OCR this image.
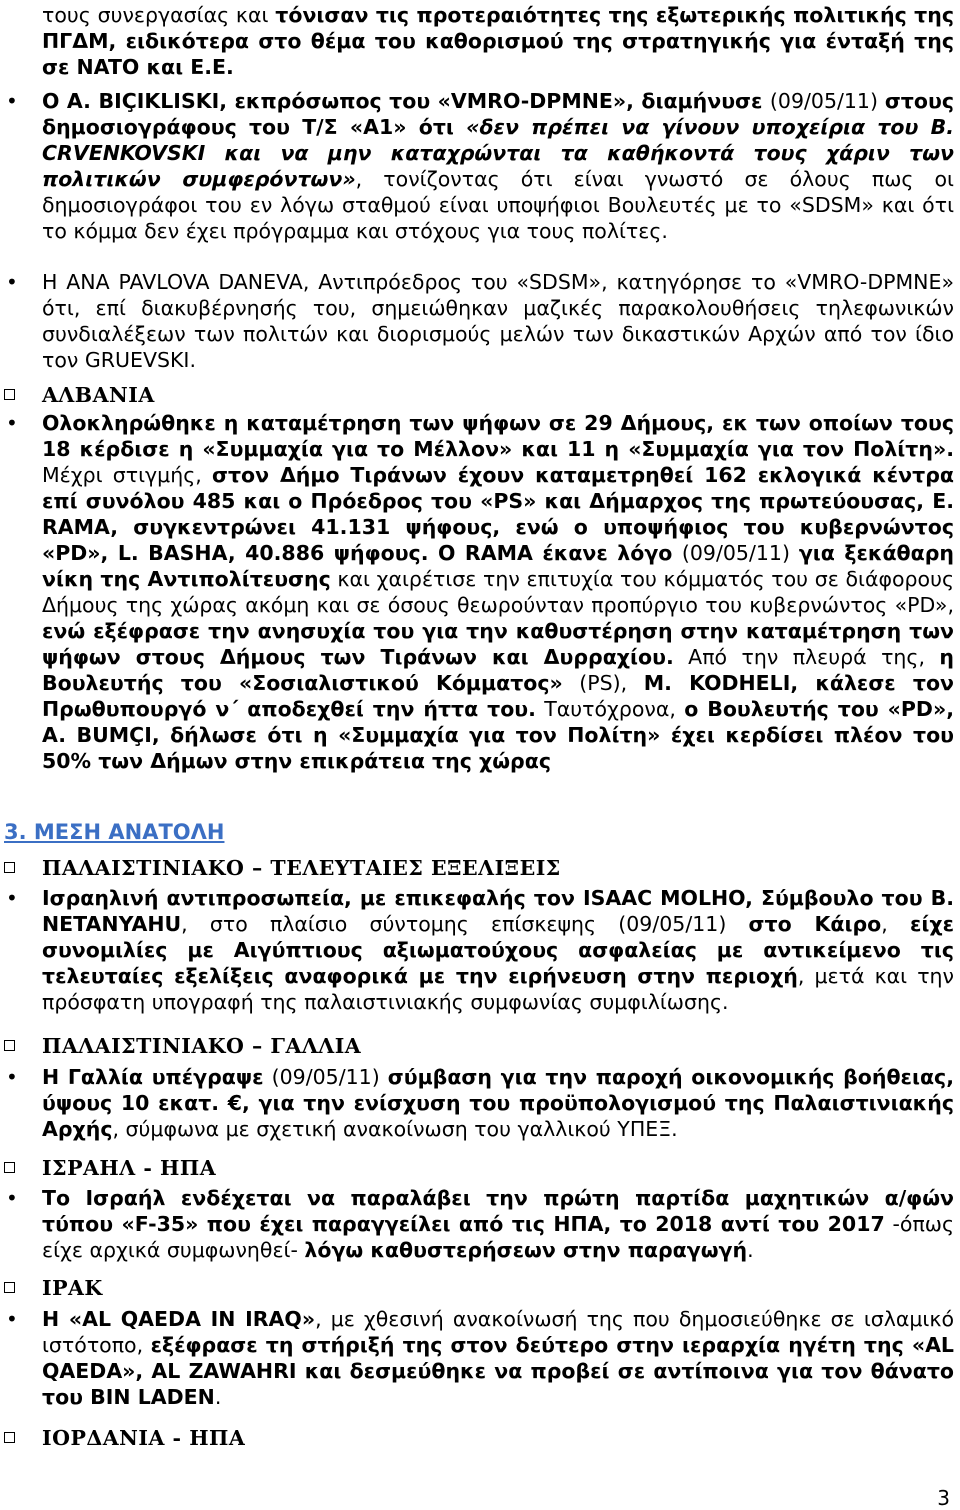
τους συνεργασίας και τόνισαν τις προτεραιότητες της εξωτερικής πολιτικής της ΠΓΔΜ, ειδικότερα στο θέμα του καθορισμού της στρατηγικής για ένταξή της σε NATO και Ε.Ε.
• Ο A. BIÇIKLISKI, εκπρόσωπος του «VMRO-DPMNE», διαμήνυσε (09/05/11) στους δημοσιογράφους του Τ/Σ «A1» ότι «δεν πρέπει να γίνουν υποχείρια του B. CRVENKOVSKI και να μην καταχρώνται τα καθήκοντά τους χάριν των πολιτικών συμφερόντων», τονίζοντας ότι είναι γνωστό σε όλους πως οι δημοσιογράφοι του εν λόγω σταθμού είναι υποψήφιοι Βουλευτές με το «SDSM» και ότι το κόμμα δεν έχει πρόγραμμα και στόχους για τους πολίτες.
• Η ANA PAVLOVA DANEVA, Αντιπρόεδρος του «SDSM», κατηγόρησε το «VMRO-DPMNE» ότι, επί διακυβέρνησής του, σημειώθηκαν μαζικές παρακολουθήσεις τηλεφωνικών συνδιαλέξεων των πολιτών και διορισμούς μελών των δικαστικών Αρχών από τον ίδιο τον GRUEVSKI.
ΑΛΒΑΝΙΑ
• Ολοκληρώθηκε η καταμέτρηση των ψήφων σε 29 Δήμους, εκ των οποίων τους 18 κέρδισε η «Συμμαχία για το Μέλλον» και 11 η «Συμμαχία για τον Πολίτη». Μέχρι στιγμής, στον Δήμο Τιράνων έχουν καταμετρηθεί 162 εκλογικά κέντρα επί συνόλου 485 και ο Πρόεδρος του «PS» και Δήμαρχος της πρωτεύουσας, E. RAMA, συγκεντρώνει 41.131 ψήφους, ενώ ο υποψήφιος του κυβερνώντος «PD», L. BASHA, 40.886 ψήφους. Ο RAMA έκανε λόγο (09/05/11) για ξεκάθαρη νίκη της Αντιπολίτευσης και χαιρέτισε την επιτυχία του κόμματός του σε διάφορους Δήμους της χώρας ακόμη και σε όσους θεωρούνταν προπύργιο του κυβερνώντος «PD», ενώ εξέφρασε την ανησυχία του για την καθυστέρηση στην καταμέτρηση των ψήφων στους Δήμους των Τιράνων και Δυρραχίου. Από την πλευρά της, η Βουλευτής του «Σοσιαλιστικού Κόμματος» (PS), M. KODHELI, κάλεσε τον Πρωθυπουργό ν΄ αποδεχθεί την ήττα του. Ταυτόχρονα, ο Βουλευτής του «PD», A. BUMÇI, δήλωσε ότι η «Συμμαχία για τον Πολίτη» έχει κερδίσει πλέον του 50% των Δήμων στην επικράτεια της χώρας
3. ΜΕΣΗ ΑΝΑΤΟΛΗ
ΠΑΛΑΙΣΤΙΝΙΑΚΟ – ΤΕΛΕΥΤΑΙΕΣ ΕΞΕΛΙΞΕΙΣ
• Ισραηλινή αντιπροσωπεία, με επικεφαλής τον ISAAC MOLHO, Σύμβουλο του B. NETANYAHU, στο πλαίσιο σύντομης επίσκεψης (09/05/11) στο Κάιρο, είχε συνομιλίες με Αιγύπτιους αξιωματούχους ασφαλείας με αντικείμενο τις τελευταίες εξελίξεις αναφορικά με την ειρήνευση στην περιοχή, μετά και την πρόσφατη υπογραφή της παλαιστινιακής συμφωνίας συμφιλίωσης.
ΠΑΛΑΙΣΤΙΝΙΑΚΟ – ΓΑΛΛΙΑ
• Η Γαλλία υπέγραψε (09/05/11) σύμβαση για την παροχή οικονομικής βοήθειας, ύψους 10 εκατ. €, για την ενίσχυση του προϋπολογισμού της Παλαιστινιακής Αρχής, σύμφωνα με σχετική ανακοίνωση του γαλλικού ΥΠΕΞ.
ΙΣΡΑΗΛ - ΗΠΑ
• Το Ισραήλ ενδέχεται να παραλάβει την πρώτη παρτίδα μαχητικών α/φών τύπου «F-35» που έχει παραγγείλει από τις ΗΠΑ, το 2018 αντί του 2017 -όπως είχε αρχικά συμφωνηθεί- λόγω καθυστερήσεων στην παραγωγή.
ΙΡΑΚ
• Η «AL QAEDA IN IRAQ», με χθεσινή ανακοίνωσή της που δημοσιεύθηκε σε ισλαμικό ιστότοπο, εξέφρασε τη στήριξή της στον δεύτερο στην ιεραρχία ηγέτη της «AL QAEDA», AL ZAWAHRI και δεσμεύθηκε να προβεί σε αντίποινα για τον θάνατο του BIN LADEN.
ΙΟΡΔΑΝΙΑ - ΗΠΑ
3
